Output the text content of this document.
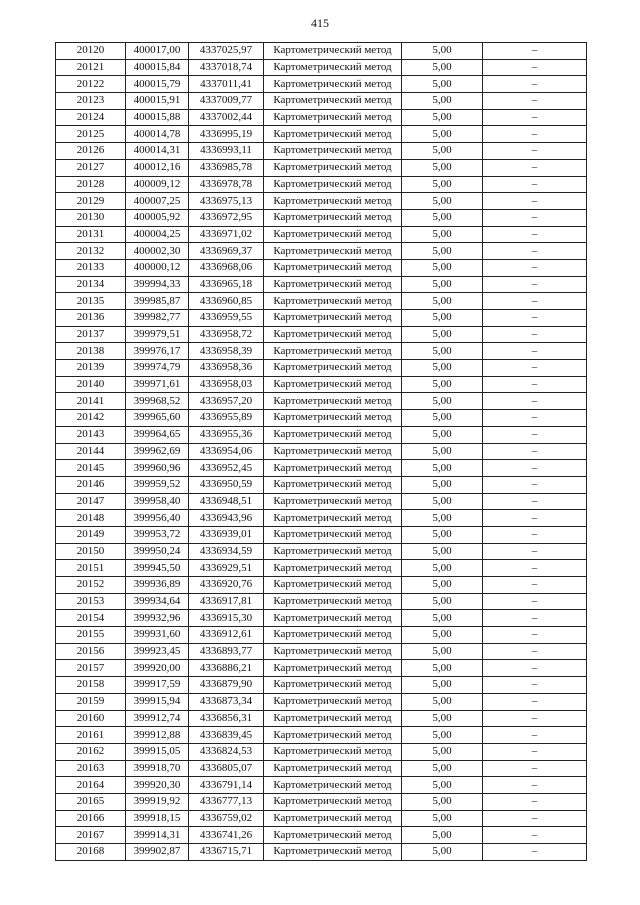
415
20120	400017,00	4337025,97	Картометрический метод	5,00	–
20121	400015,84	4337018,74	Картометрический метод	5,00	–
20122	400015,79	4337011,41	Картометрический метод	5,00	–
20123	400015,91	4337009,77	Картометрический метод	5,00	–
20124	400015,88	4337002,44	Картометрический метод	5,00	–
20125	400014,78	4336995,19	Картометрический метод	5,00	–
20126	400014,31	4336993,11	Картометрический метод	5,00	–
20127	400012,16	4336985,78	Картометрический метод	5,00	–
20128	400009,12	4336978,78	Картометрический метод	5,00	–
20129	400007,25	4336975,13	Картометрический метод	5,00	–
20130	400005,92	4336972,95	Картометрический метод	5,00	–
20131	400004,25	4336971,02	Картометрический метод	5,00	–
20132	400002,30	4336969,37	Картометрический метод	5,00	–
20133	400000,12	4336968,06	Картометрический метод	5,00	–
20134	399994,33	4336965,18	Картометрический метод	5,00	–
20135	399985,87	4336960,85	Картометрический метод	5,00	–
20136	399982,77	4336959,55	Картометрический метод	5,00	–
20137	399979,51	4336958,72	Картометрический метод	5,00	–
20138	399976,17	4336958,39	Картометрический метод	5,00	–
20139	399974,79	4336958,36	Картометрический метод	5,00	–
20140	399971,61	4336958,03	Картометрический метод	5,00	–
20141	399968,52	4336957,20	Картометрический метод	5,00	–
20142	399965,60	4336955,89	Картометрический метод	5,00	–
20143	399964,65	4336955,36	Картометрический метод	5,00	–
20144	399962,69	4336954,06	Картометрический метод	5,00	–
20145	399960,96	4336952,45	Картометрический метод	5,00	–
20146	399959,52	4336950,59	Картометрический метод	5,00	–
20147	399958,40	4336948,51	Картометрический метод	5,00	–
20148	399956,40	4336943,96	Картометрический метод	5,00	–
20149	399953,72	4336939,01	Картометрический метод	5,00	–
20150	399950,24	4336934,59	Картометрический метод	5,00	–
20151	399945,50	4336929,51	Картометрический метод	5,00	–
20152	399936,89	4336920,76	Картометрический метод	5,00	–
20153	399934,64	4336917,81	Картометрический метод	5,00	–
20154	399932,96	4336915,30	Картометрический метод	5,00	–
20155	399931,60	4336912,61	Картометрический метод	5,00	–
20156	399923,45	4336893,77	Картометрический метод	5,00	–
20157	399920,00	4336886,21	Картометрический метод	5,00	–
20158	399917,59	4336879,90	Картометрический метод	5,00	–
20159	399915,94	4336873,34	Картометрический метод	5,00	–
20160	399912,74	4336856,31	Картометрический метод	5,00	–
20161	399912,88	4336839,45	Картометрический метод	5,00	–
20162	399915,05	4336824,53	Картометрический метод	5,00	–
20163	399918,70	4336805,07	Картометрический метод	5,00	–
20164	399920,30	4336791,14	Картометрический метод	5,00	–
20165	399919,92	4336777,13	Картометрический метод	5,00	–
20166	399918,15	4336759,02	Картометрический метод	5,00	–
20167	399914,31	4336741,26	Картометрический метод	5,00	–
20168	399902,87	4336715,71	Картометрический метод	5,00	–
